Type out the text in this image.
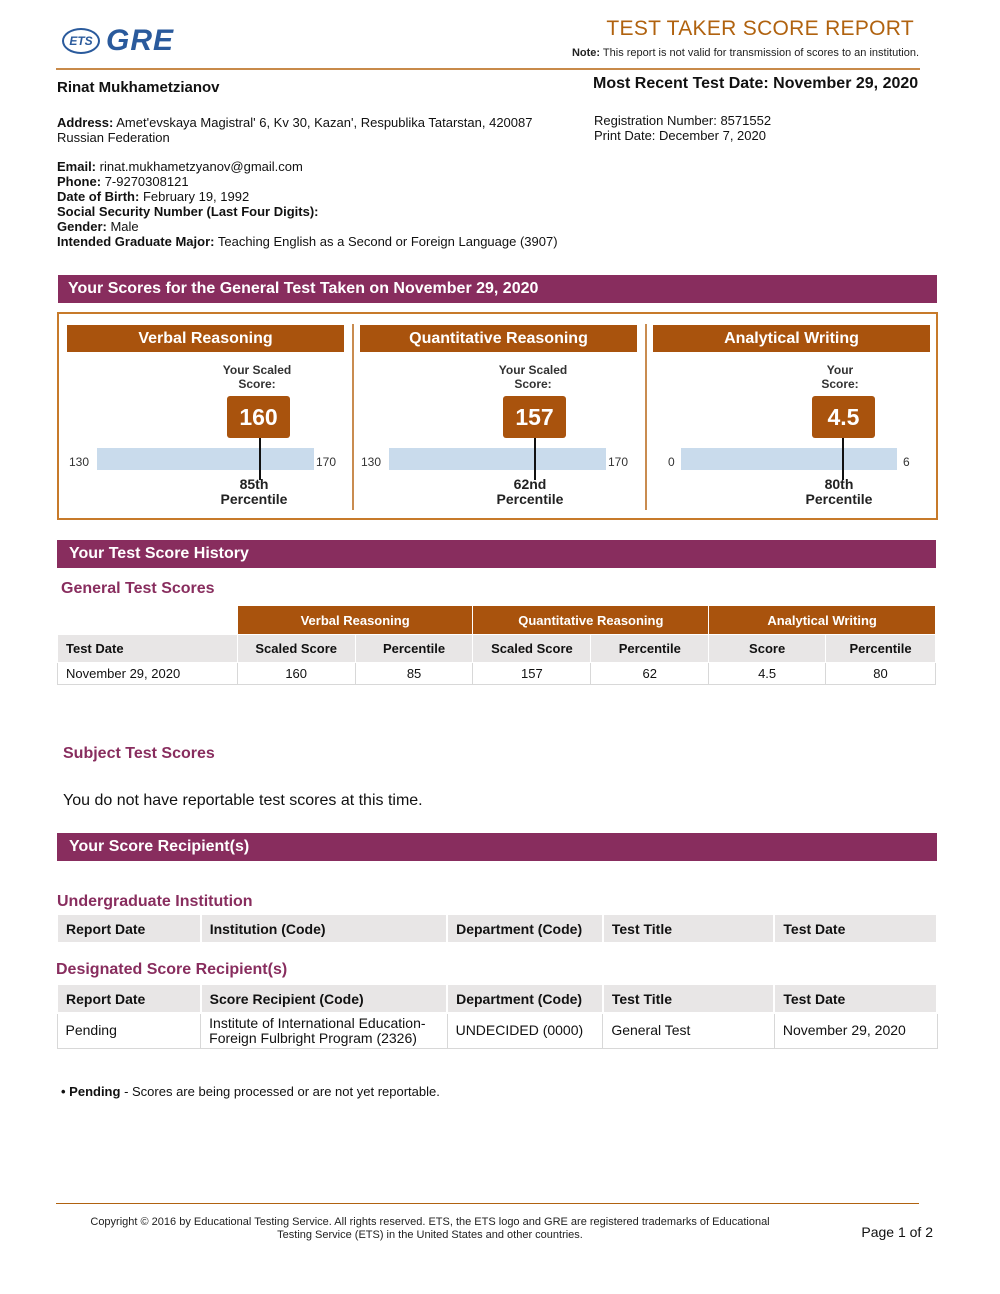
ETS GRE	TEST TAKER SCORE REPORT
Note: This report is not valid for transmission of scores to an institution.
Rinat Mukhametzianov	Most Recent Test Date: November 29, 2020
Address: Amet'evskaya Magistral' 6, Kv 30, Kazan', Respublika Tatarstan, 420087
Russian Federation
Email: rinat.mukhametzyanov@gmail.com
Phone: 7-9270308121
Date of Birth: February 19, 1992
Social Security Number (Last Four Digits):
Gender: Male
Intended Graduate Major: Teaching English as a Second or Foreign Language (3907)
Registration Number: 8571552
Print Date: December 7, 2020
Your Scores for the General Test Taken on November 29, 2020
Verbal Reasoning
Your Scaled
Score:
160
130	170
85th
Percentile
Quantitative Reasoning
Your Scaled
Score:
157
130	170
62nd
Percentile
Analytical Writing
Your
Score:
4.5
0	6
80th
Percentile
Your Test Score History
General Test Scores
	Verbal Reasoning		Quantitative Reasoning		Analytical Writing	
Test Date	Scaled Score	Percentile	Scaled Score	Percentile	Score	Percentile
November 29, 2020	160	85	157	62	4.5	80
Subject Test Scores
You do not have reportable test scores at this time.
Your Score Recipient(s)
Undergraduate Institution
Report Date	Institution (Code)	Department (Code)	Test Title	Test Date
Designated Score Recipient(s)
Report Date	Score Recipient (Code)	Department (Code)	Test Title	Test Date
Pending	Institute of International Education-Foreign Fulbright Program (2326)	UNDECIDED (0000)	General Test	November 29, 2020
• Pending - Scores are being processed or are not yet reportable.
Copyright © 2016 by Educational Testing Service. All rights reserved. ETS, the ETS logo and GRE are registered trademarks of Educational
Testing Service (ETS) in the United States and other countries.	Page 1 of 2
